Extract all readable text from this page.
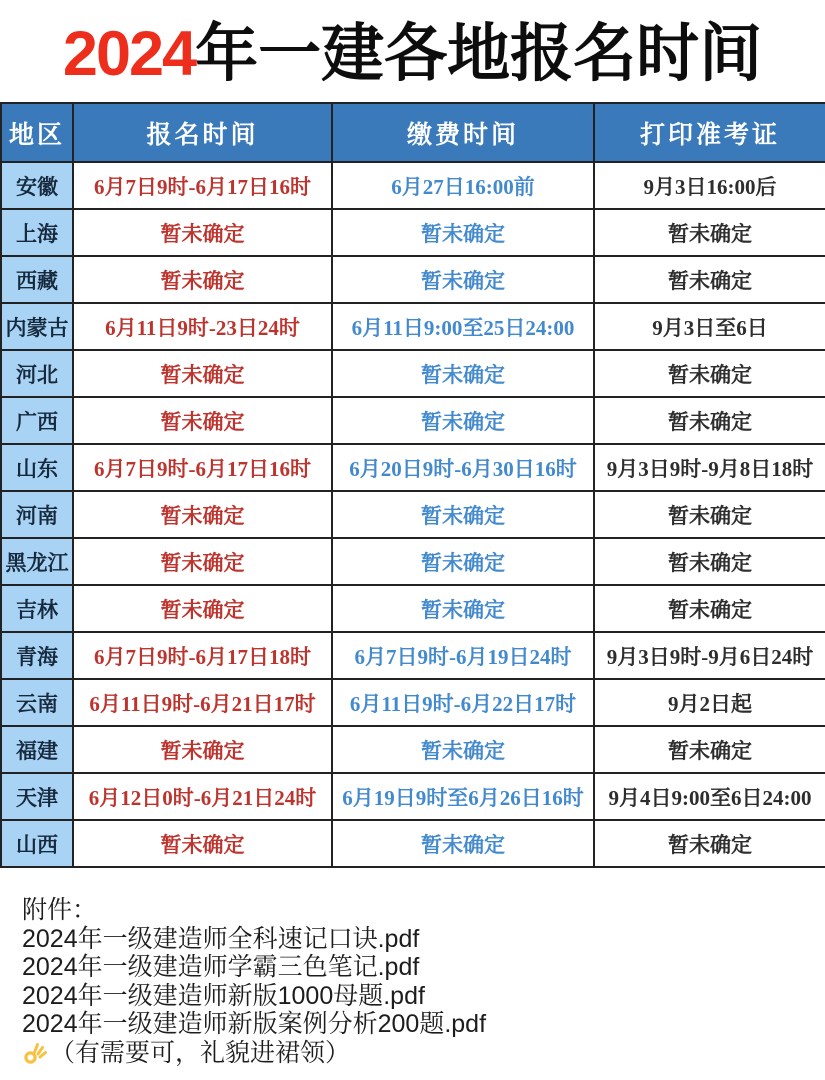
2024年一建各地报名时间
地区	报名时间	缴费时间	打印准考证
安徽	6月7日9时-6月17日16时	6月27日16:00前	9月3日16:00后
上海	暂未确定	暂未确定	暂未确定
西藏	暂未确定	暂未确定	暂未确定
内蒙古	6月11日9时-23日24时	6月11日9:00至25日24:00	9月3日至6日
河北	暂未确定	暂未确定	暂未确定
广西	暂未确定	暂未确定	暂未确定
山东	6月7日9时-6月17日16时	6月20日9时-6月30日16时	9月3日9时-9月8日18时
河南	暂未确定	暂未确定	暂未确定
黑龙江	暂未确定	暂未确定	暂未确定
吉林	暂未确定	暂未确定	暂未确定
青海	6月7日9时-6月17日18时	6月7日9时-6月19日24时	9月3日9时-9月6日24时
云南	6月11日9时-6月21日17时	6月11日9时-6月22日17时	9月2日起
福建	暂未确定	暂未确定	暂未确定
天津	6月12日0时-6月21日24时	6月19日9时至6月26日16时	9月4日9:00至6日24:00
山西	暂未确定	暂未确定	暂未确定
附件：
2024年一级建造师全科速记口诀.pdf
2024年一级建造师学霸三色笔记.pdf
2024年一级建造师新版1000母题.pdf
2024年一级建造师新版案例分析200题.pdf
（有需要可，礼貌进裙领）
